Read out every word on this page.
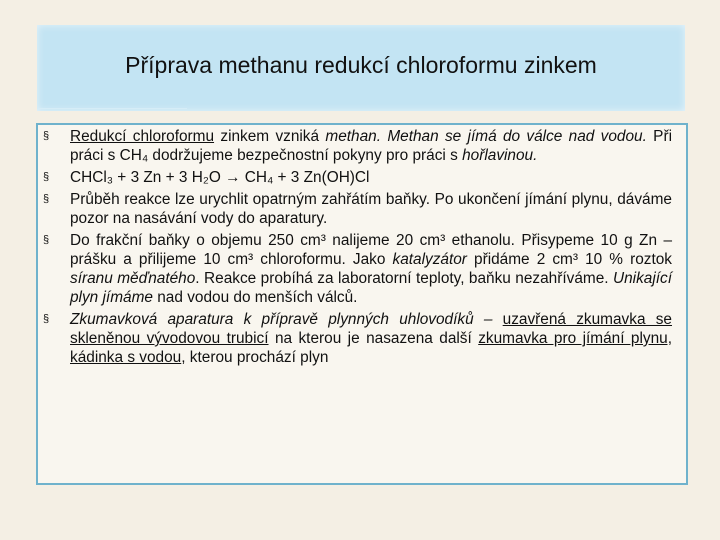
Příprava methanu redukcí chloroformu zinkem
§ Redukcí chloroformu zinkem vzniká methan. Methan se jímá do válce nad vodou. Při práci s CH₄ dodržujeme bezpečnostní pokyny pro práci s hořlavinou.
§ CHCl₃ + 3 Zn + 3 H₂O → CH₄ + 3 Zn(OH)Cl
§ Průběh reakce lze urychlit opatrným zahřátím baňky. Po ukončení jímání plynu, dáváme pozor na nasávání vody do aparatury.
§ Do frakční baňky o objemu 250 cm³ nalijeme 20 cm³ ethanolu. Přisypeme 10 g Zn – prášku a přilijeme 10 cm³ chloroformu. Jako katalyzátor přidáme 2 cm³ 10 % roztok síranu měďnatého. Reakce probíhá za laboratorní teploty, baňku nezahříváme. Unikající plyn jímáme nad vodou do menších válců.
§ Zkumavková aparatura k přípravě plynných uhlovodíků – uzavřená zkumavka se skleněnou vývodovou trubicí na kterou je nasazena další zkumavka pro jímání plynu, kádinka s vodou, kterou prochází plyn
